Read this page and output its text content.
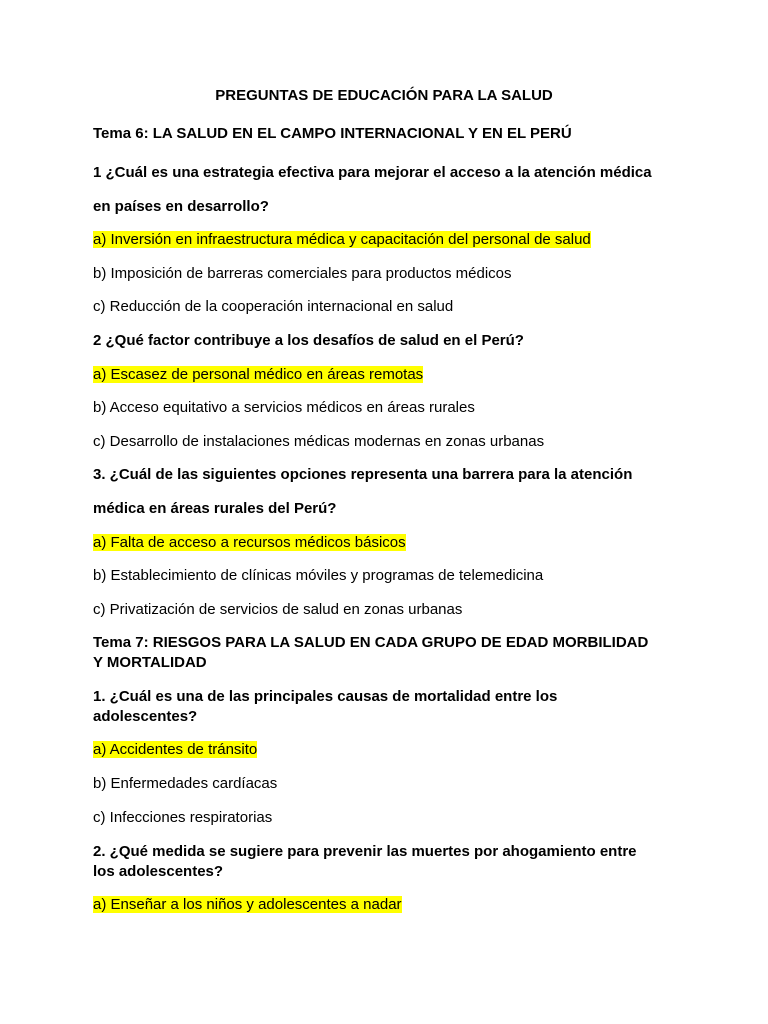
PREGUNTAS DE EDUCACIÓN PARA LA SALUD

Tema 6: LA SALUD EN EL CAMPO INTERNACIONAL Y EN EL PERÚ

1 ¿Cuál es una estrategia efectiva para mejorar el acceso a la atención médica

en países en desarrollo?

a) Inversión en infraestructura médica y capacitación del personal de salud

b) Imposición de barreras comerciales para productos médicos

c) Reducción de la cooperación internacional en salud

2 ¿Qué factor contribuye a los desafíos de salud en el Perú?

a) Escasez de personal médico en áreas remotas

b) Acceso equitativo a servicios médicos en áreas rurales

c) Desarrollo de instalaciones médicas modernas en zonas urbanas

3. ¿Cuál de las siguientes opciones representa una barrera para la atención

médica en áreas rurales del Perú?

a) Falta de acceso a recursos médicos básicos

b) Establecimiento de clínicas móviles y programas de telemedicina

c) Privatización de servicios de salud en zonas urbanas

Tema 7: RIESGOS PARA LA SALUD EN CADA GRUPO DE EDAD MORBILIDAD

Y MORTALIDAD

1. ¿Cuál es una de las principales causas de mortalidad entre los

adolescentes?

a) Accidentes de tránsito

b) Enfermedades cardíacas

c) Infecciones respiratorias

2. ¿Qué medida se sugiere para prevenir las muertes por ahogamiento entre

los adolescentes?

a) Enseñar a los niños y adolescentes a nadar
